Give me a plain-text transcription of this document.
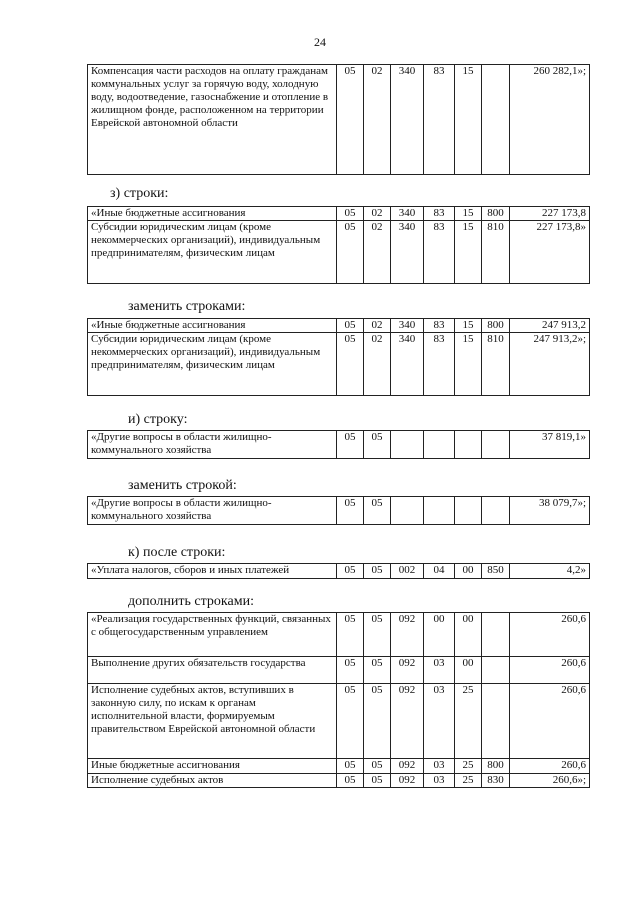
24
Компенсация части расходов на оплату гражданам коммунальных услуг за горячую воду, холодную воду, водоотведение, газоснабжение и отопление в жилищном фонде, расположенном на территории Еврейской автономной области	05	02	340	83	15		260 282,1»;
з) строки:
«Иные бюджетные ассигнования	05	02	340	83	15	800	227 173,8
Субсидии юридическим лицам (кроме некоммерческих организаций), индивидуальным предпринимателям, физическим лицам	05	02	340	83	15	810	227 173,8»
заменить строками:
«Иные бюджетные ассигнования	05	02	340	83	15	800	247 913,2
Субсидии юридическим лицам (кроме некоммерческих организаций), индивидуальным предпринимателям, физическим лицам	05	02	340	83	15	810	247 913,2»;
и) строку:
«Другие вопросы в области жилищно-коммунального хозяйства	05	05					37 819,1»
заменить строкой:
«Другие вопросы в области жилищно-коммунального хозяйства	05	05					38 079,7»;
к) после строки:
«Уплата налогов, сборов и иных платежей	05	05	002	04	00	850	4,2»
дополнить строками:
«Реализация государственных функций, связанных с общегосударственным управлением	05	05	092	00	00		260,6
Выполнение других обязательств государства	05	05	092	03	00		260,6
Исполнение судебных актов, вступивших в законную силу, по искам к органам исполнительной власти, формируемым правительством Еврейской автономной области	05	05	092	03	25		260,6
Иные бюджетные ассигнования	05	05	092	03	25	800	260,6
Исполнение судебных актов	05	05	092	03	25	830	260,6»;
